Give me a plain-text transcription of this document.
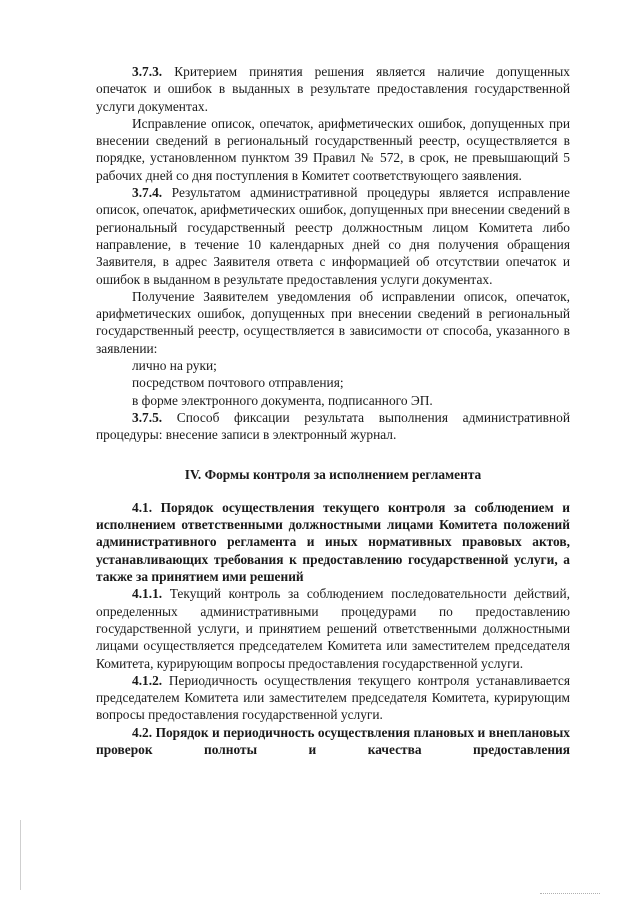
3.7.3. Критерием принятия решения является наличие допущенных опечаток и ошибок в выданных в результате предоставления государственной услуги документах.

Исправление описок, опечаток, арифметических ошибок, допущенных при внесении сведений в региональный государственный реестр, осуществляется в порядке, установленном пунктом 39 Правил № 572, в срок, не превышающий 5 рабочих дней со дня поступления в Комитет соответствующего заявления.

3.7.4. Результатом административной процедуры является исправление описок, опечаток, арифметических ошибок, допущенных при внесении сведений в региональный государственный реестр должностным лицом Комитета либо направление, в течение 10 календарных дней со дня получения обращения Заявителя, в адрес Заявителя ответа с информацией об отсутствии опечаток и ошибок в выданном в результате предоставления услуги документах.

Получение Заявителем уведомления об исправлении описок, опечаток, арифметических ошибок, допущенных при внесении сведений в региональный государственный реестр, осуществляется в зависимости от способа, указанного в заявлении:

лично на руки;

посредством почтового отправления;

в форме электронного документа, подписанного ЭП.

3.7.5. Способ фиксации результата выполнения административной процедуры: внесение записи в электронный журнал.

IV. Формы контроля за исполнением регламента

4.1. Порядок осуществления текущего контроля за соблюдением и исполнением ответственными должностными лицами Комитета положений административного регламента и иных нормативных правовых актов, устанавливающих требования к предоставлению государственной услуги, а также за принятием ими решений

4.1.1. Текущий контроль за соблюдением последовательности действий, определенных административными процедурами по предоставлению государственной услуги, и принятием решений ответственными должностными лицами осуществляется председателем Комитета или заместителем председателя Комитета, курирующим вопросы предоставления государственной услуги.

4.1.2. Периодичность осуществления текущего контроля устанавливается председателем Комитета или заместителем председателя Комитета, курирующим вопросы предоставления государственной услуги.

4.2. Порядок и периодичность осуществления плановых и внеплановых проверок полноты и качества предоставления
